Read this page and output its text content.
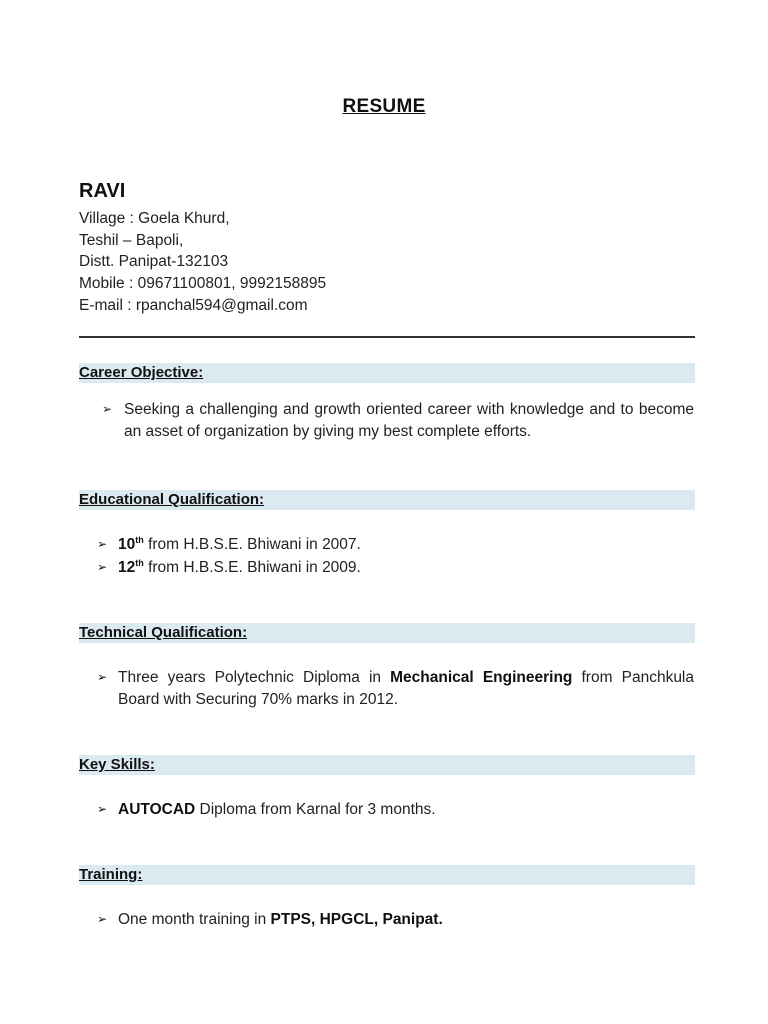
RESUME
RAVI
Village : Goela Khurd,
Teshil – Bapoli,
Distt. Panipat-132103
Mobile : 09671100801, 9992158895
E-mail : rpanchal594@gmail.com
Career Objective:
➢ Seeking a challenging and growth oriented career with knowledge and to become an asset of organization by giving my best complete efforts.
Educational Qualification:
➢ 10th from H.B.S.E. Bhiwani in 2007.
➢ 12th from H.B.S.E. Bhiwani in 2009.
Technical Qualification:
➢ Three years Polytechnic Diploma in Mechanical Engineering from Panchkula Board with Securing 70% marks in 2012.
Key Skills:
➢ AUTOCAD Diploma from Karnal for 3 months.
Training:
➢ One month training in PTPS, HPGCL, Panipat.
